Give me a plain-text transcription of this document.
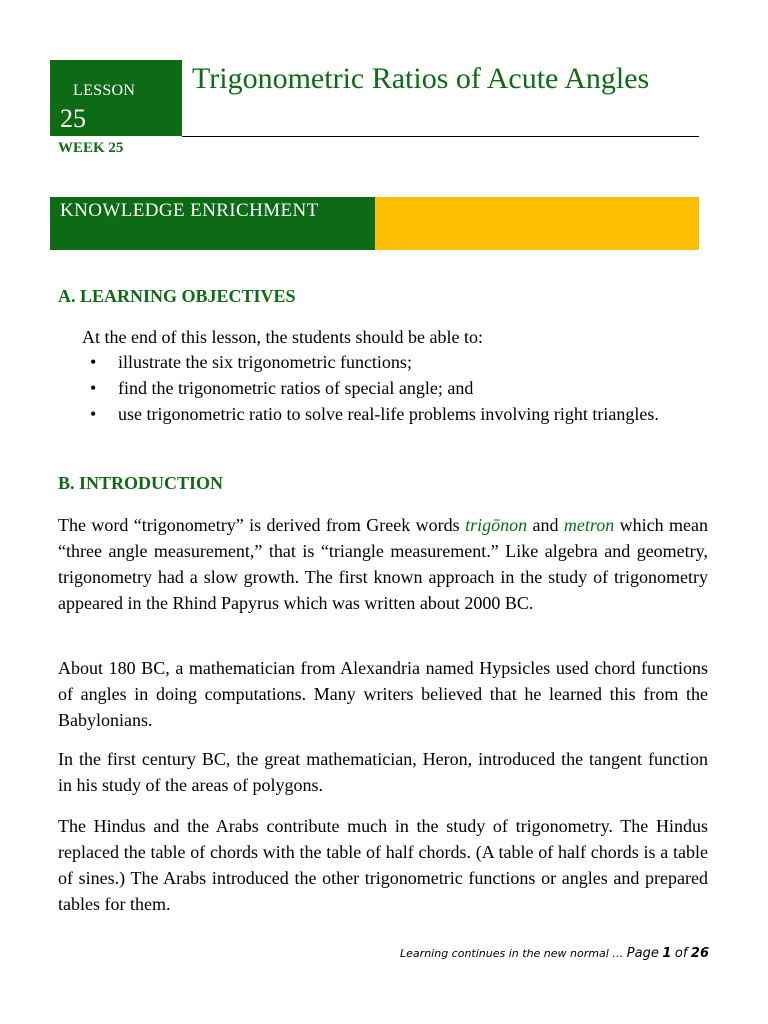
LESSON
25
Trigonometric Ratios of Acute Angles
WEEK 25
KNOWLEDGE ENRICHMENT
A. LEARNING OBJECTIVES
At the end of this lesson, the students should be able to:
• illustrate the six trigonometric functions;
• find the trigonometric ratios of special angle; and
• use trigonometric ratio to solve real-life problems involving right triangles.
B. INTRODUCTION

The word “trigonometry” is derived from Greek words trigōnon and metron which mean “three angle measurement,” that is “triangle measurement.” Like algebra and geometry, trigonometry had a slow growth. The first known approach in the study of trigonometry appeared in the Rhind Papyrus which was written about 2000 BC.

About 180 BC, a mathematician from Alexandria named Hypsicles used chord functions of angles in doing computations. Many writers believed that he learned this from the Babylonians.

In the first century BC, the great mathematician, Heron, introduced the tangent function in his study of the areas of polygons.

The Hindus and the Arabs contribute much in the study of trigonometry. The Hindus replaced the table of chords with the table of half chords. (A table of half chords is a table of sines.) The Arabs introduced the other trigonometric functions or angles and prepared tables for them.

Learning continues in the new normal … Page 1 of 26
